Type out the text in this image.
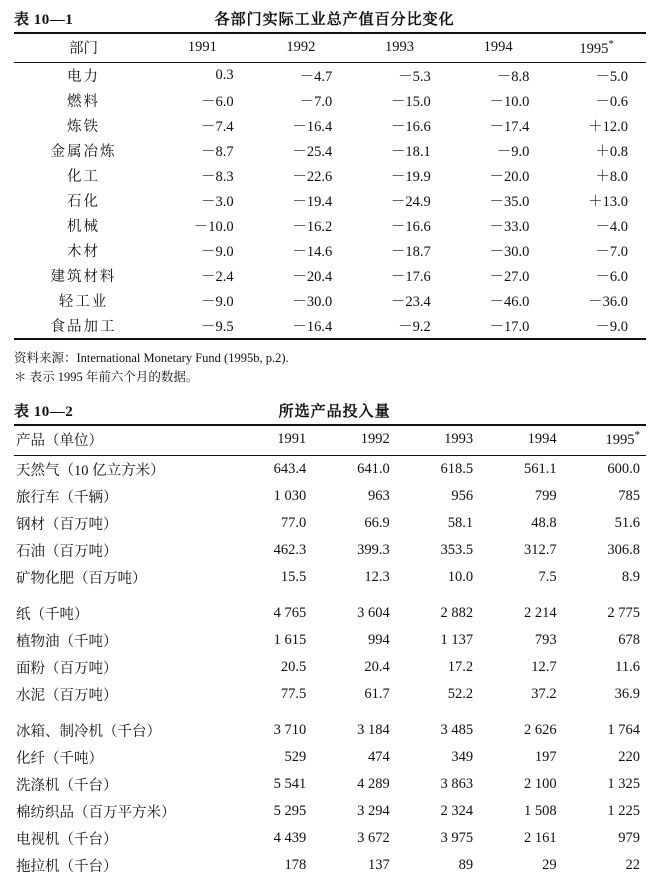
表 10—1	各部门实际工业总产值百分比变化
部门	1991	1992	1993	1994	1995*
电力	0.3	－4.7	－5.3	－8.8	－5.0
燃料	－6.0	－7.0	－15.0	－10.0	－0.6
炼铁	－7.4	－16.4	－16.6	－17.4	＋12.0
金属冶炼	－8.7	－25.4	－18.1	－9.0	＋0.8
化工	－8.3	－22.6	－19.9	－20.0	＋8.0
石化	－3.0	－19.4	－24.9	－35.0	＋13.0
机械	－10.0	－16.2	－16.6	－33.0	－4.0
木材	－9.0	－14.6	－18.7	－30.0	－7.0
建筑材料	－2.4	－20.4	－17.6	－27.0	－6.0
轻工业	－9.0	－30.0	－23.4	－46.0	－36.0
食品加工	－9.5	－16.4	－9.2	－17.0	－9.0
资料来源：International Monetary Fund (1995b, p.2).
＊ 表示 1995 年前六个月的数据。
表 10—2	所选产品投入量
产品（单位）	1991	1992	1993	1994	1995*
天然气（10 亿立方米）	643.4	641.0	618.5	561.1	600.0
旅行车（千辆）	1 030	963	956	799	785
钢材（百万吨）	77.0	66.9	58.1	48.8	51.6
石油（百万吨）	462.3	399.3	353.5	312.7	306.8
矿物化肥（百万吨）	15.5	12.3	10.0	7.5	8.9

纸（千吨）	4 765	3 604	2 882	2 214	2 775
植物油（千吨）	1 615	994	1 137	793	678
面粉（百万吨）	20.5	20.4	17.2	12.7	11.6
水泥（百万吨）	77.5	61.7	52.2	37.2	36.9

冰箱、制冷机（千台）	3 710	3 184	3 485	2 626	1 764
化纤（千吨）	529	474	349	197	220
洗涤机（千台）	5 541	4 289	3 863	2 100	1 325
棉纺织品（百万平方米）	5 295	3 294	2 324	1 508	1 225
电视机（千台）	4 439	3 672	3 975	2 161	979
拖拉机（千台）	178	137	89	29	22
